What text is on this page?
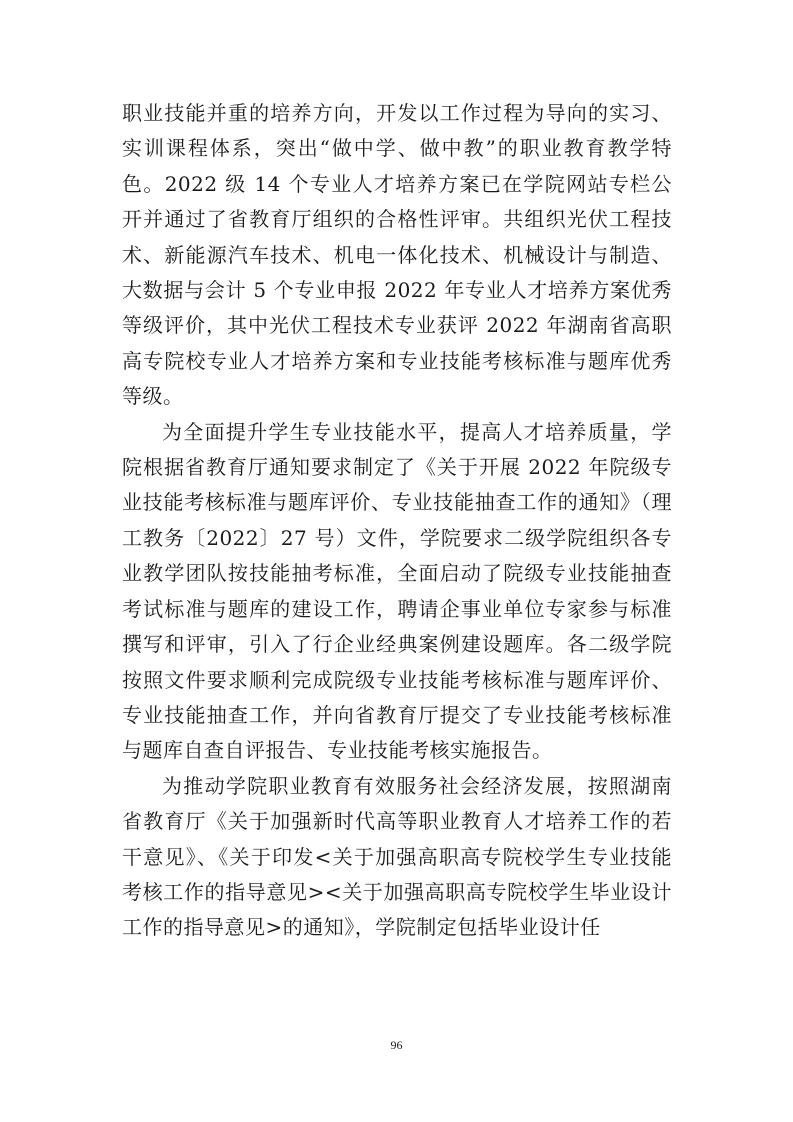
职业技能并重的培养方向，开发以工作过程为导向的实习、实训课程体系，突出“做中学、做中教”的职业教育教学特色。2022 级 14 个专业人才培养方案已在学院网站专栏公开并通过了省教育厅组织的合格性评审。共组织光伏工程技术、新能源汽车技术、机电一体化技术、机械设计与制造、大数据与会计 5 个专业申报 2022 年专业人才培养方案优秀等级评价，其中光伏工程技术专业获评 2022 年湖南省高职高专院校专业人才培养方案和专业技能考核标准与题库优秀等级。

为全面提升学生专业技能水平，提高人才培养质量，学院根据省教育厅通知要求制定了《关于开展 2022 年院级专业技能考核标准与题库评价、专业技能抽查工作的通知》（理工教务〔2022〕27 号）文件，学院要求二级学院组织各专业教学团队按技能抽考标准，全面启动了院级专业技能抽查考试标准与题库的建设工作，聘请企事业单位专家参与标准撰写和评审，引入了行企业经典案例建设题库。各二级学院按照文件要求顺利完成院级专业技能考核标准与题库评价、专业技能抽查工作，并向省教育厅提交了专业技能考核标准与题库自查自评报告、专业技能考核实施报告。

为推动学院职业教育有效服务社会经济发展，按照湖南省教育厅《关于加强新时代高等职业教育人才培养工作的若干意见》、《关于印发<关于加强高职高专院校学生专业技能考核工作的指导意见><关于加强高职高专院校学生毕业设计工作的指导意见>的通知》，学院制定包括毕业设计任

96
